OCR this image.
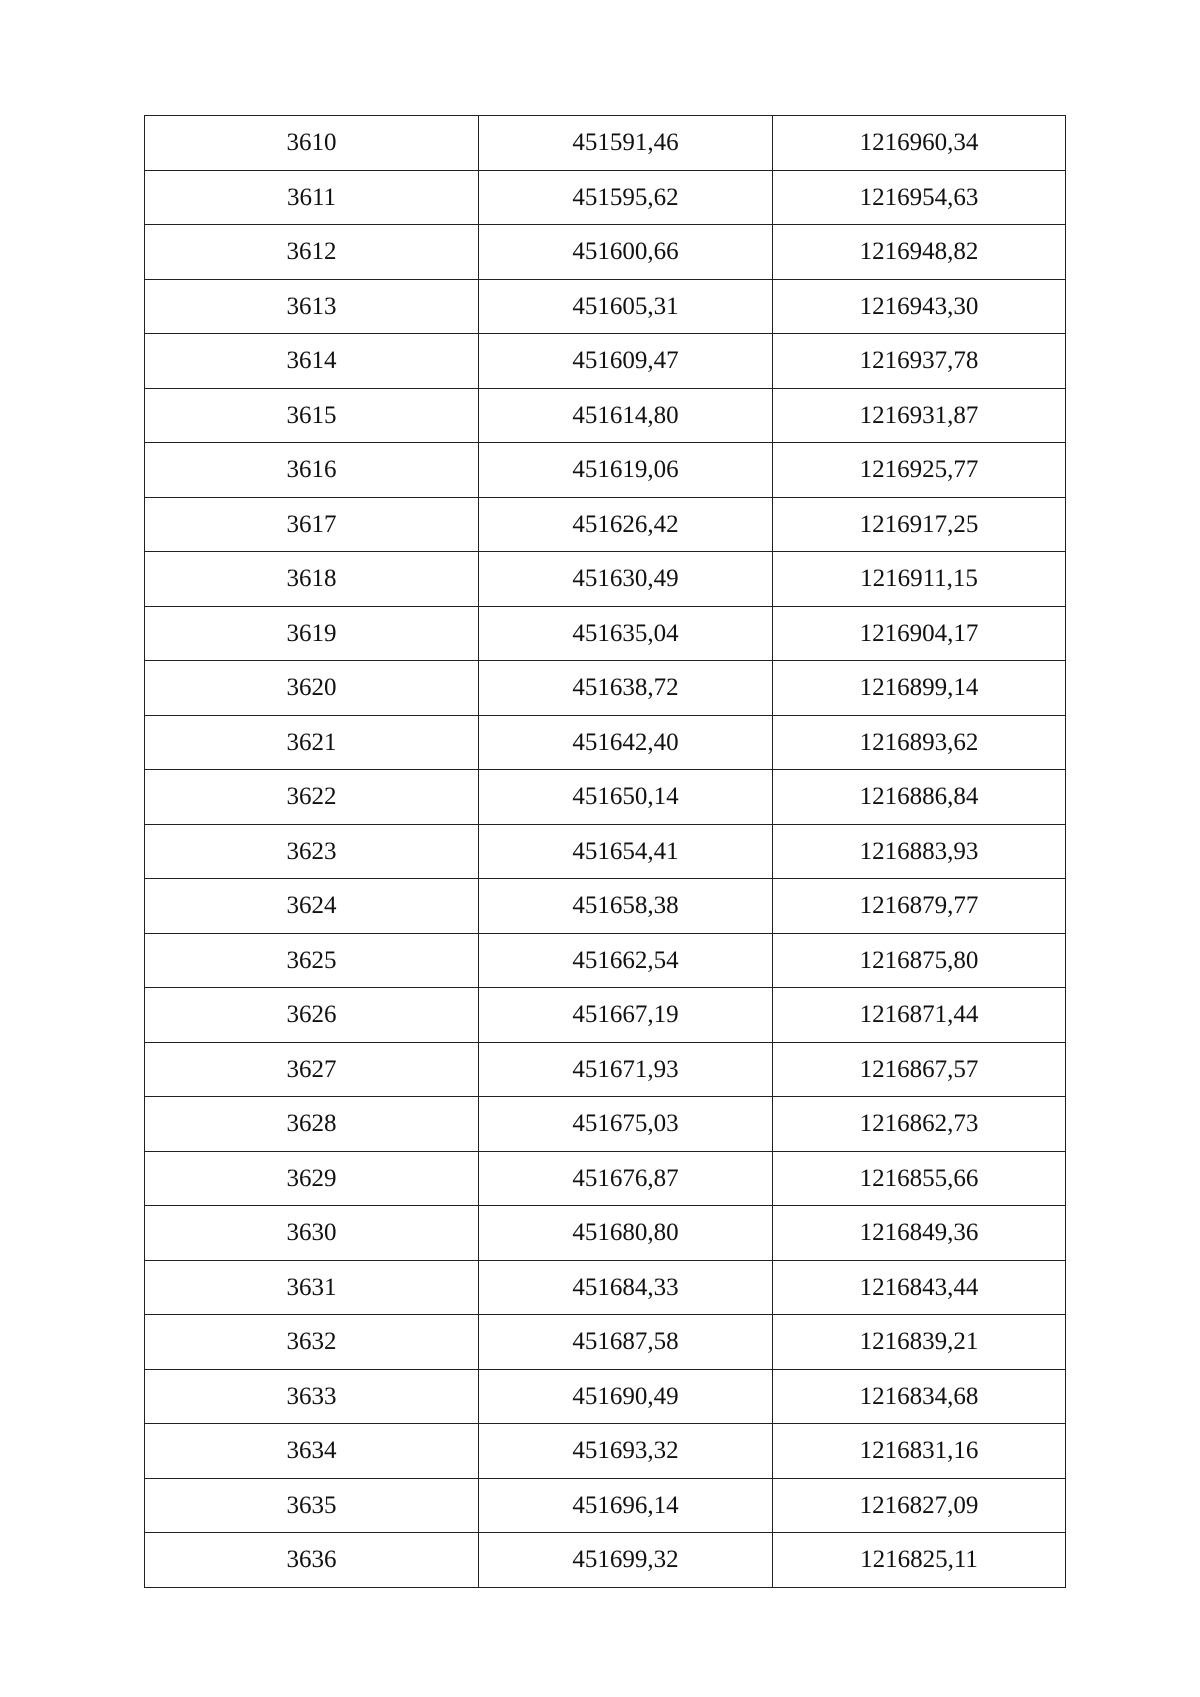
3610	451591,46	1216960,34
3611	451595,62	1216954,63
3612	451600,66	1216948,82
3613	451605,31	1216943,30
3614	451609,47	1216937,78
3615	451614,80	1216931,87
3616	451619,06	1216925,77
3617	451626,42	1216917,25
3618	451630,49	1216911,15
3619	451635,04	1216904,17
3620	451638,72	1216899,14
3621	451642,40	1216893,62
3622	451650,14	1216886,84
3623	451654,41	1216883,93
3624	451658,38	1216879,77
3625	451662,54	1216875,80
3626	451667,19	1216871,44
3627	451671,93	1216867,57
3628	451675,03	1216862,73
3629	451676,87	1216855,66
3630	451680,80	1216849,36
3631	451684,33	1216843,44
3632	451687,58	1216839,21
3633	451690,49	1216834,68
3634	451693,32	1216831,16
3635	451696,14	1216827,09
3636	451699,32	1216825,11
